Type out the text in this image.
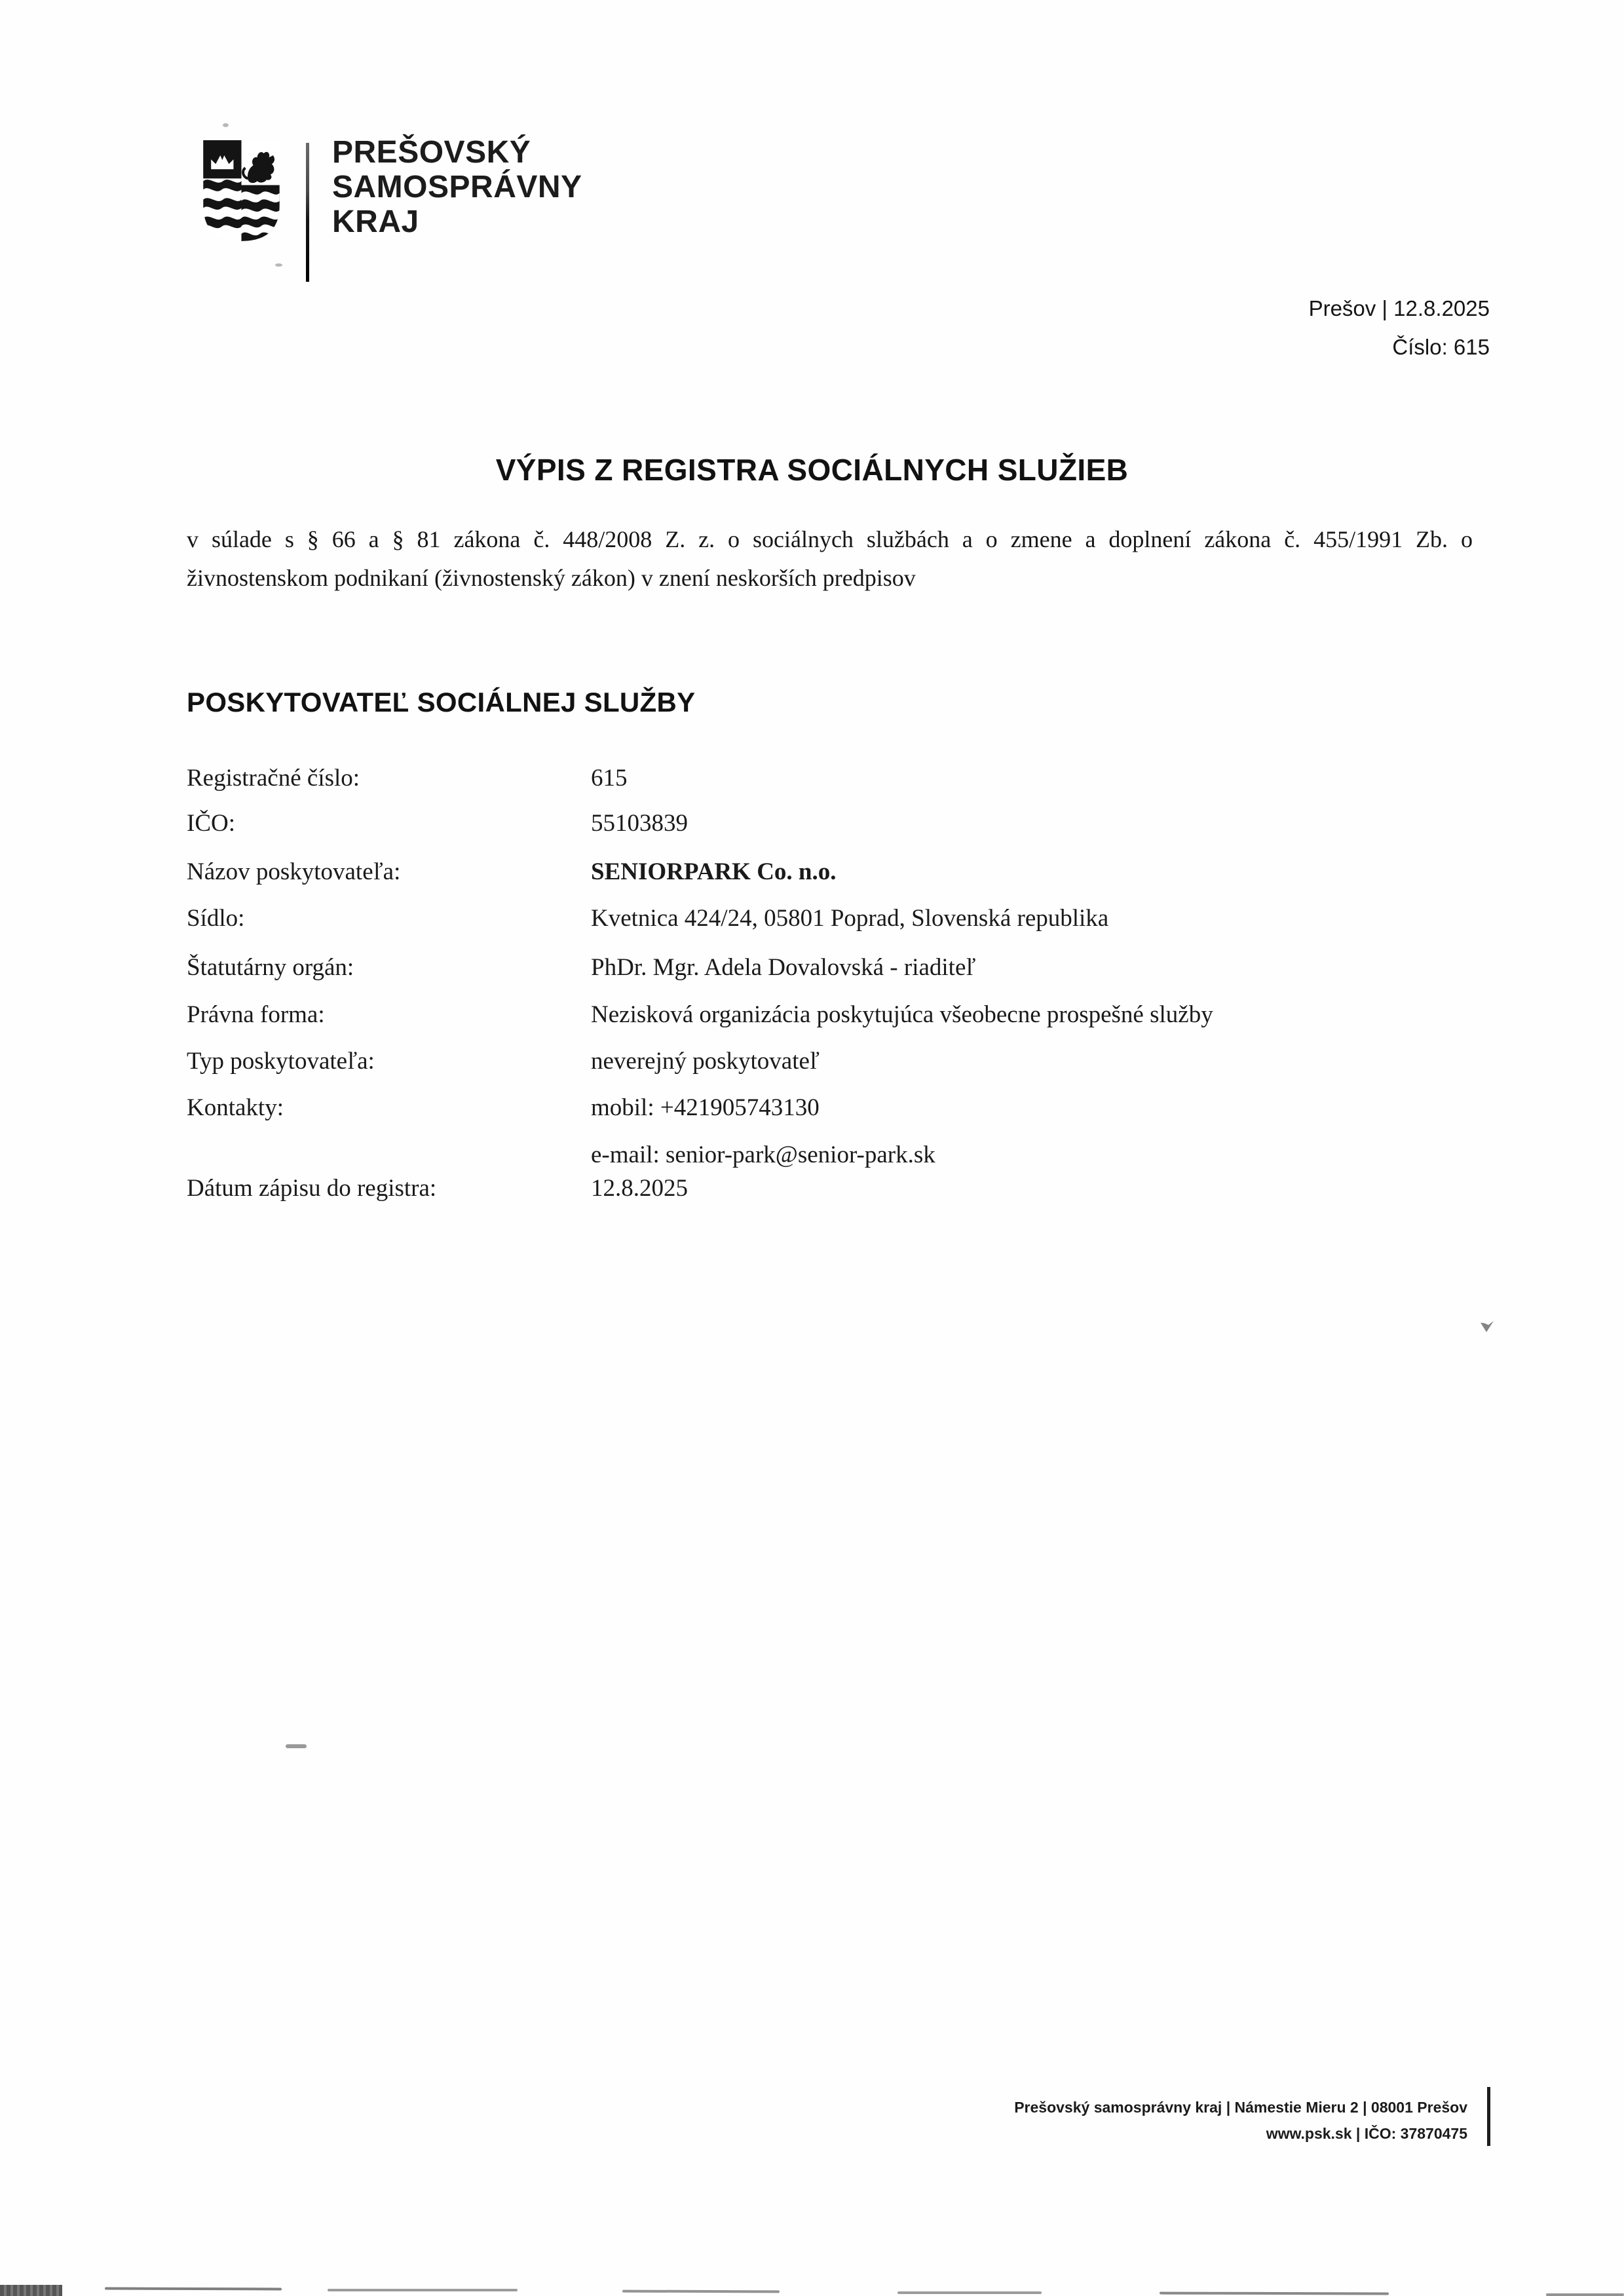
PREŠOVSKÝ
SAMOSPRÁVNY
KRAJ
Prešov | 12.8.2025
Číslo: 615
VÝPIS Z REGISTRA SOCIÁLNYCH SLUŽIEB
v súlade s § 66 a § 81 zákona č. 448/2008 Z. z. o sociálnych službách a o zmene a doplnení zákona č. 455/1991 Zb. o
živnostenskom podnikaní (živnostenský zákon) v znení neskorších predpisov
POSKYTOVATEĽ SOCIÁLNEJ SLUŽBY
Registračné číslo:	615
IČO:	55103839
Názov poskytovateľa:	SENIORPARK Co. n.o.
Sídlo:	Kvetnica 424/24, 05801 Poprad, Slovenská republika
Štatutárny orgán:	PhDr. Mgr. Adela Dovalovská - riaditeľ
Právna forma:	Nezisková organizácia poskytujúca všeobecne prospešné služby
Typ poskytovateľa:	neverejný poskytovateľ
Kontakty:	mobil: +421905743130
e-mail: senior-park@senior-park.sk
Dátum zápisu do registra:	12.8.2025
Prešovský samosprávny kraj | Námestie Mieru 2 | 08001 Prešov
www.psk.sk | IČO: 37870475
